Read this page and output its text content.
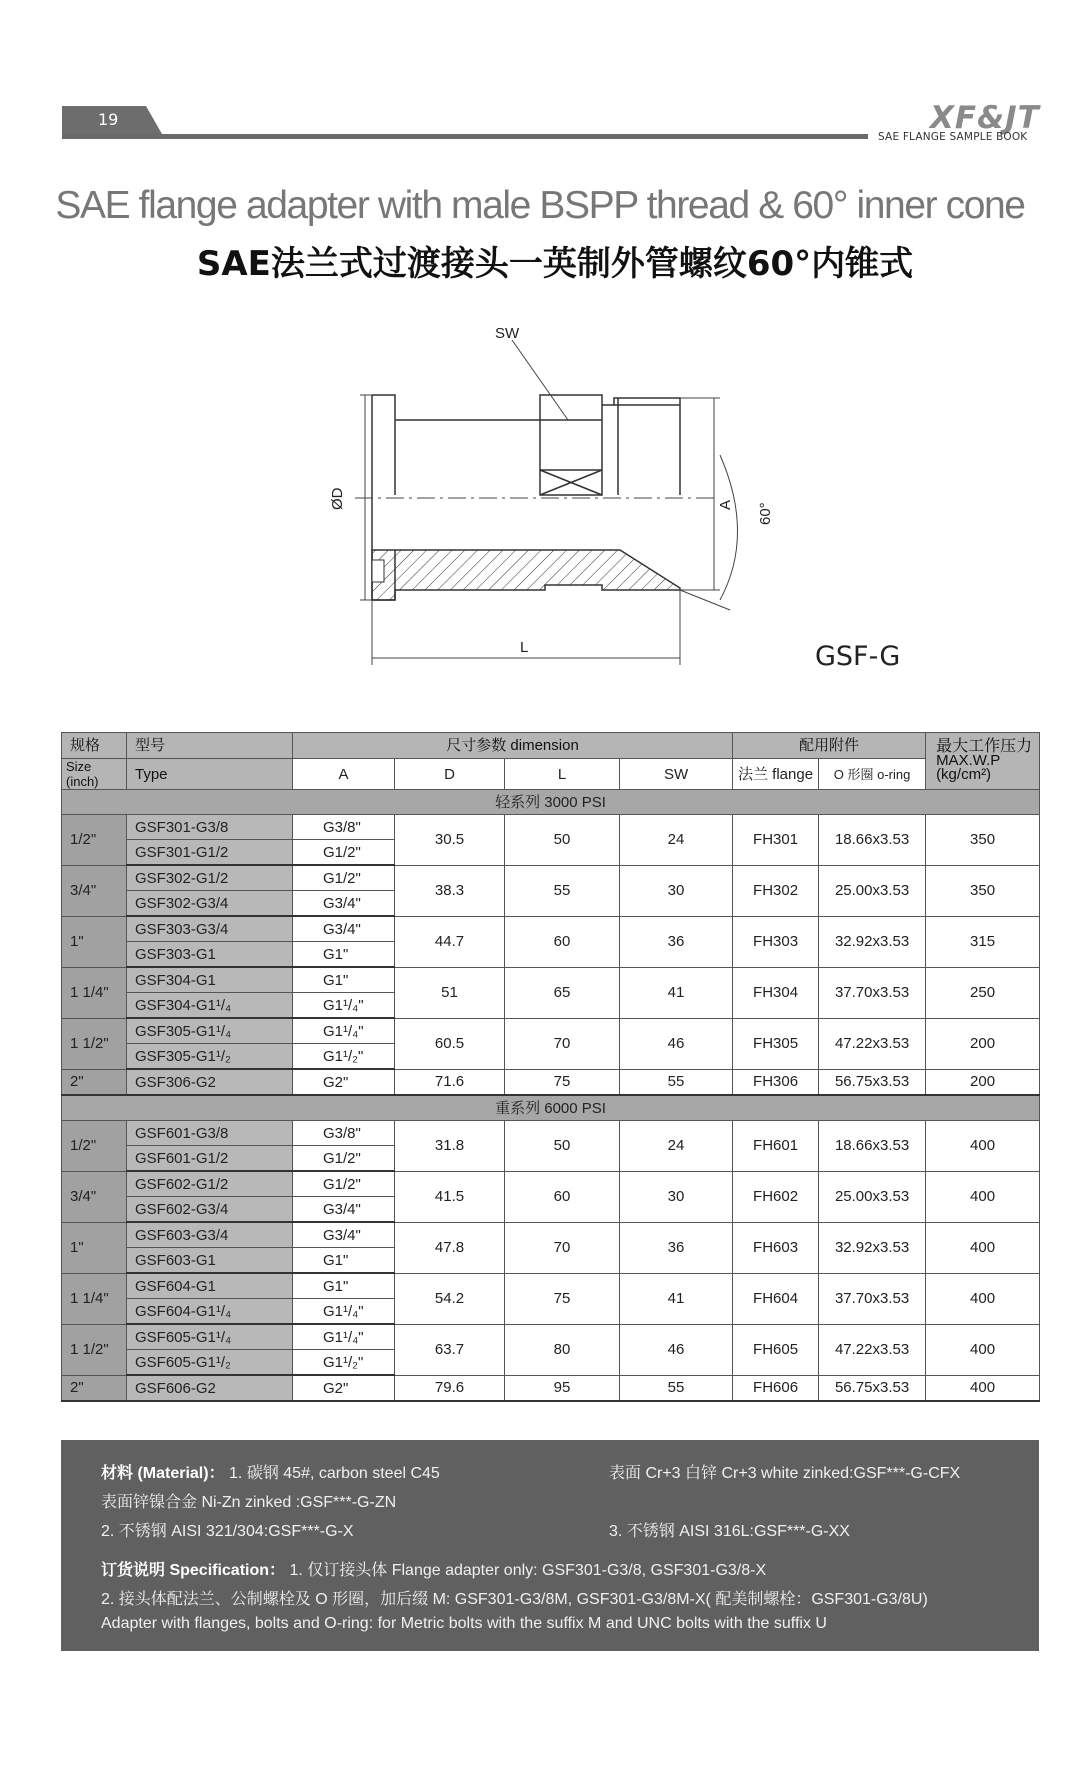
19	XF&JT
SAE FLANGE SAMPLE BOOK
SAE flange adapter with male BSPP thread & 60° inner cone
SAE法兰式过渡接头一英制外管螺纹60°内锥式
SW
ØD	A 60°
L	GSF-G
规格	型号	尺寸参数 dimension				配用附件		最大工作压力
MAX.W.P
(kg/cm²)

Size (inch)	Type	A	D	L	SW	法兰 flange	O 形圈 o-ring	
轻系列 3000 PSI								
1/2"	GSF301-G3/8	G3/8"	30.5	50	24	FH301	18.66x3.53	350
	GSF301-G1/2	G1/2"						
3/4"	GSF302-G1/2	G1/2"	38.3	55	30	FH302	25.00x3.53	350
	GSF302-G3/4	G3/4"						
1"	GSF303-G3/4	G3/4"	44.7	60	36	FH303	32.92x3.53	315
	GSF303-G1	G1"						
1 1/4"	GSF304-G1	G1"	51	65	41	FH304	37.70x3.53	250
	GSF304-G1¹/₄	G1¹/₄"						
1 1/2"	GSF305-G1¹/₄	G1¹/₄"	60.5	70	46	FH305	47.22x3.53	200
	GSF305-G1¹/₂	G1¹/₂"						
2"	GSF306-G2	G2"	71.6	75	55	FH306	56.75x3.53	200
重系列 6000 PSI								
1/2"	GSF601-G3/8	G3/8"	31.8	50	24	FH601	18.66x3.53	400
	GSF601-G1/2	G1/2"						
3/4"	GSF602-G1/2	G1/2"	41.5	60	30	FH602	25.00x3.53	400
	GSF602-G3/4	G3/4"						
1"	GSF603-G3/4	G3/4"	47.8	70	36	FH603	32.92x3.53	400
	GSF603-G1	G1"						
1 1/4"	GSF604-G1	G1"	54.2	75	41	FH604	37.70x3.53	400
	GSF604-G1¹/₄	G1¹/₄"						
1 1/2"	GSF605-G1¹/₄	G1¹/₄"	63.7	80	46	FH605	47.22x3.53	400
	GSF605-G1¹/₂	G1¹/₂"						
2"	GSF606-G2	G2"	79.6	95	55	FH606	56.75x3.53	400
材料 (Material)： 1. 碳钢 45#, carbon steel C45	表面 Cr+3 白锌 Cr+3 white zinked:GSF***-G-CFX
表面锌镍合金 Ni-Zn zinked :GSF***-G-ZN
2. 不锈钢 AISI 321/304:GSF***-G-X	3. 不锈钢 AISI 316L:GSF***-G-XX
订货说明 Specification： 1. 仅订接头体 Flange adapter only: GSF301-G3/8, GSF301-G3/8-X
2. 接头体配法兰、公制螺栓及 O 形圈，加后缀 M: GSF301-G3/8M, GSF301-G3/8M-X( 配美制螺栓：GSF301-G3/8U)
Adapter with flanges, bolts and O-ring: for Metric bolts with the suffix M and UNC bolts with the suffix U
